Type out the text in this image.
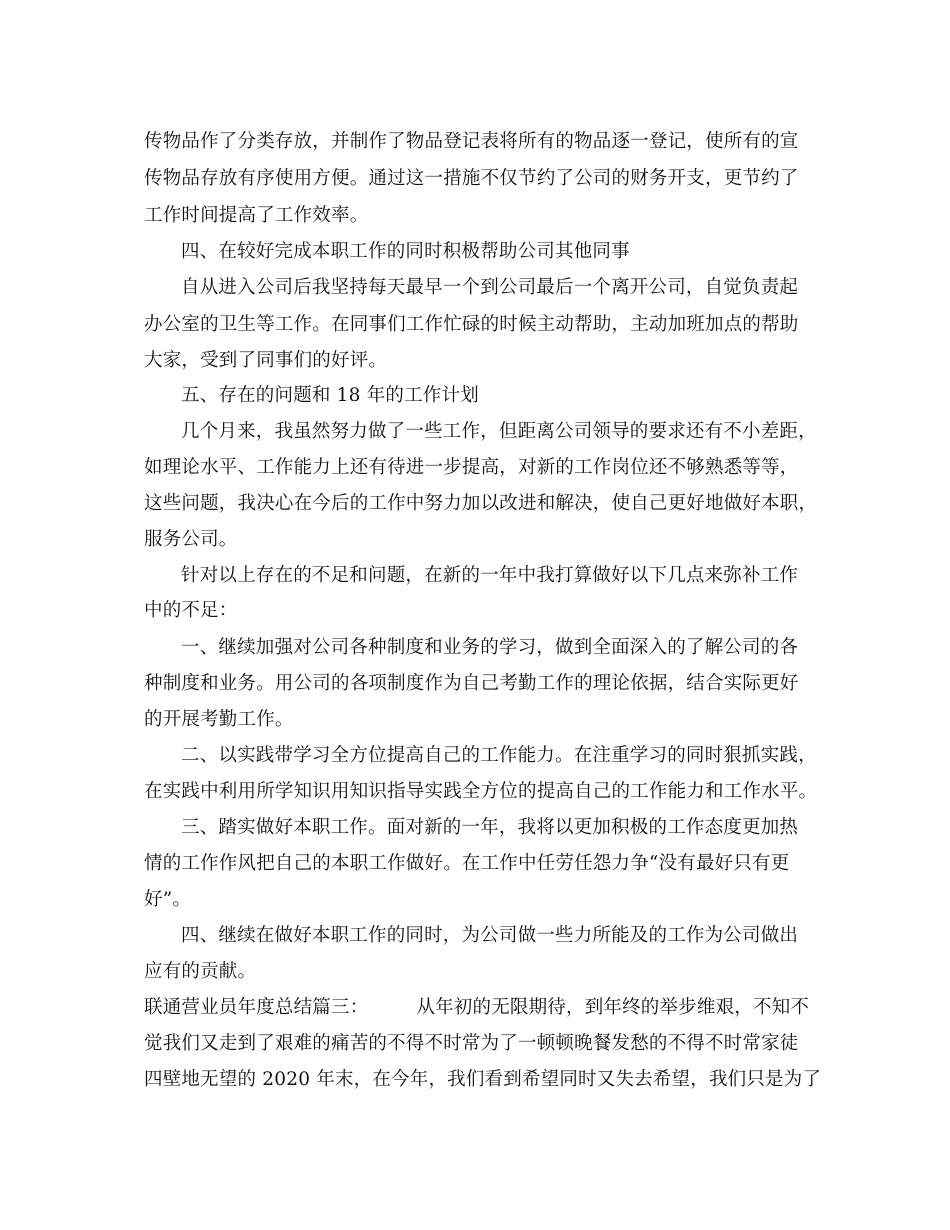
传物品作了分类存放，并制作了物品登记表将所有的物品逐一登记，使所有的宣
传物品存放有序使用方便。通过这一措施不仅节约了公司的财务开支，更节约了
工作时间提高了工作效率。
四、在较好完成本职工作的同时积极帮助公司其他同事
自从进入公司后我坚持每天最早一个到公司最后一个离开公司，自觉负责起
办公室的卫生等工作。在同事们工作忙碌的时候主动帮助，主动加班加点的帮助
大家，受到了同事们的好评。
五、存在的问题和 18 年的工作计划
几个月来，我虽然努力做了一些工作，但距离公司领导的要求还有不小差距，
如理论水平、工作能力上还有待进一步提高，对新的工作岗位还不够熟悉等等，
这些问题，我决心在今后的工作中努力加以改进和解决，使自己更好地做好本职，
服务公司。
针对以上存在的不足和问题，在新的一年中我打算做好以下几点来弥补工作
中的不足：
一、继续加强对公司各种制度和业务的学习，做到全面深入的了解公司的各
种制度和业务。用公司的各项制度作为自己考勤工作的理论依据，结合实际更好
的开展考勤工作。
二、以实践带学习全方位提高自己的工作能力。在注重学习的同时狠抓实践，
在实践中利用所学知识用知识指导实践全方位的提高自己的工作能力和工作水平。
三、踏实做好本职工作。面对新的一年，我将以更加积极的工作态度更加热
情的工作作风把自己的本职工作做好。在工作中任劳任怨力争“没有最好只有更
好”。
四、继续在做好本职工作的同时，为公司做一些力所能及的工作为公司做出
应有的贡献。
联通营业员年度总结篇三：	从年初的无限期待，到年终的举步维艰，不知不
觉我们又走到了艰难的痛苦的不得不时常为了一顿顿晚餐发愁的不得不时常家徒
四壁地无望的 2020 年末，在今年，我们看到希望同时又失去希望，我们只是为了
